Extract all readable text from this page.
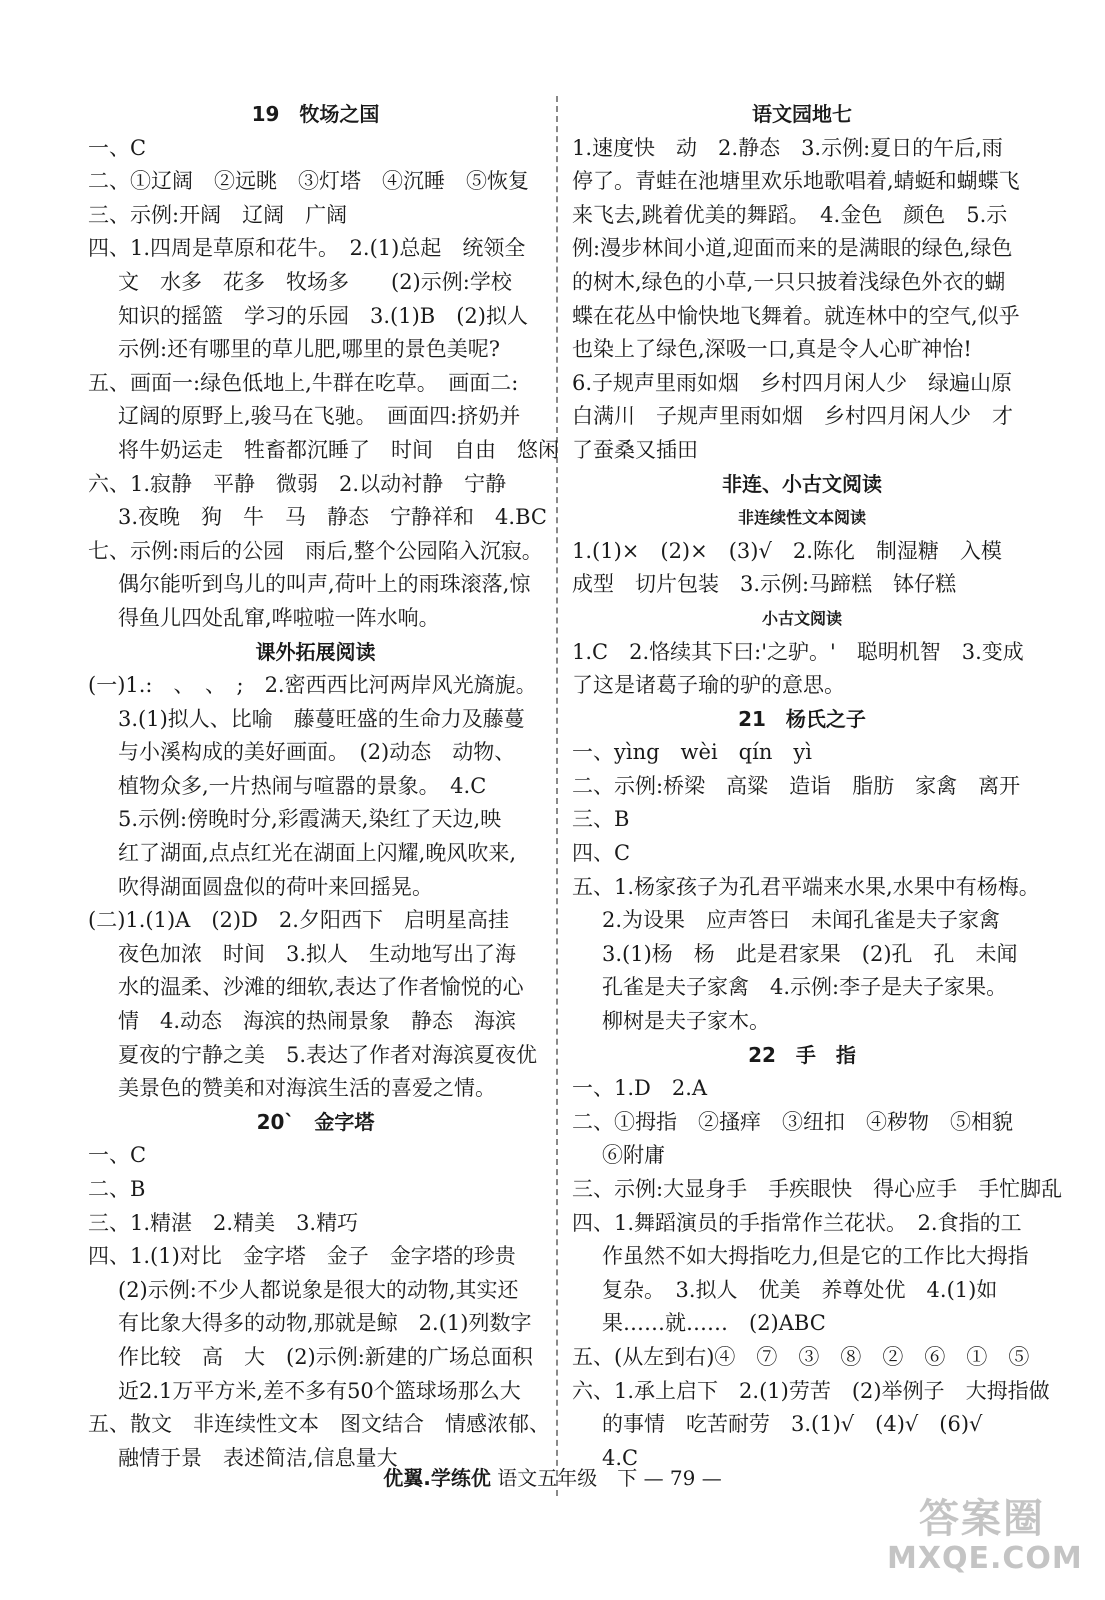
19　牧场之国
一、C
二、①辽阔　②远眺　③灯塔　④沉睡　⑤恢复
三、示例:开阔　辽阔　广阔
四、1.四周是草原和花牛。　2.(1)总起　统领全
文　水多　花多　牧场多　　(2)示例:学校
知识的摇篮　学习的乐园　3.(1)B　(2)拟人
示例:还有哪里的草儿肥,哪里的景色美呢?
五、画面一:绿色低地上,牛群在吃草。　画面二:
辽阔的原野上,骏马在飞驰。　画面四:挤奶并
将牛奶运走　牲畜都沉睡了　时间　自由　悠闲
六、1.寂静　平静　微弱　2.以动衬静　宁静
3.夜晚　狗　牛　马　静态　宁静祥和　4.BC
七、示例:雨后的公园　雨后,整个公园陷入沉寂。
偶尔能听到鸟儿的叫声,荷叶上的雨珠滚落,惊
得鱼儿四处乱窜,哗啦啦一阵水响。
课外拓展阅读
(一)1.:　、　、　;　2.密西西比河两岸风光旖旎。
3.(1)拟人、比喻　藤蔓旺盛的生命力及藤蔓
与小溪构成的美好画面。　(2)动态　动物、
植物众多,一片热闹与喧嚣的景象。　4.C
5.示例:傍晚时分,彩霞满天,染红了天边,映
红了湖面,点点红光在湖面上闪耀,晚风吹来,
吹得湖面圆盘似的荷叶来回摇晃。
(二)1.(1)A　(2)D　2.夕阳西下　启明星高挂
夜色加浓　时间　3.拟人　生动地写出了海
水的温柔、沙滩的细软,表达了作者愉悦的心
情　4.动态　海滨的热闹景象　静态　海滨
夏夜的宁静之美　5.表达了作者对海滨夏夜优
美景色的赞美和对海滨生活的喜爱之情。
20`　金字塔
一、C
二、B
三、1.精湛　2.精美　3.精巧
四、1.(1)对比　金字塔　金子　金字塔的珍贵
(2)示例:不少人都说象是很大的动物,其实还
有比象大得多的动物,那就是鲸　2.(1)列数字
作比较　高　大　(2)示例:新建的广场总面积
近2.1万平方米,差不多有50个篮球场那么大
五、散文　非连续性文本　图文结合　情感浓郁、
融情于景　表述简洁,信息量大
语文园地七
1.速度快　动　2.静态　3.示例:夏日的午后,雨
停了。青蛙在池塘里欢乐地歌唱着,蜻蜓和蝴蝶飞
来飞去,跳着优美的舞蹈。　4.金色　颜色　5.示
例:漫步林间小道,迎面而来的是满眼的绿色,绿色
的树木,绿色的小草,一只只披着浅绿色外衣的蝴
蝶在花丛中愉快地飞舞着。就连林中的空气,似乎
也染上了绿色,深吸一口,真是令人心旷神怡!
6.子规声里雨如烟　乡村四月闲人少　绿遍山原
白满川　子规声里雨如烟　乡村四月闲人少　才
了蚕桑又插田
非连、小古文阅读
非连续性文本阅读
1.(1)×　(2)×　(3)√　2.陈化　制湿糖　入模
成型　切片包装　3.示例:马蹄糕　钵仔糕
小古文阅读
1.C　2.恪续其下曰:'之驴。'　聪明机智　3.变成
了这是诸葛子瑜的驴的意思。
21　杨氏之子
一、yìng　wèi　qín　yì
二、示例:桥梁　高粱　造诣　脂肪　家禽　离开
三、B
四、C
五、1.杨家孩子为孔君平端来水果,水果中有杨梅。
2.为设果　应声答曰　未闻孔雀是夫子家禽
3.(1)杨　杨　此是君家果　(2)孔　孔　未闻
孔雀是夫子家禽　4.示例:李子是夫子家果。
柳树是夫子家木。
22　手　指
一、1.D　2.A
二、①拇指　②搔痒　③纽扣　④秽物　⑤相貌
⑥附庸
三、示例:大显身手　手疾眼快　得心应手　手忙脚乱
四、1.舞蹈演员的手指常作兰花状。　2.食指的工
作虽然不如大拇指吃力,但是它的工作比大拇指
复杂。　3.拟人　优美　养尊处优　4.(1)如
果……就……　(2)ABC
五、(从左到右)④　⑦　③　⑧　②　⑥　①　⑤
六、1.承上启下　2.(1)劳苦　(2)举例子　大拇指做
的事情　吃苦耐劳　3.(1)√　(4)√　(6)√
4.C
优翼.学练优 语文五年级　下 — 79 —
答案圈
MXQE.COM
